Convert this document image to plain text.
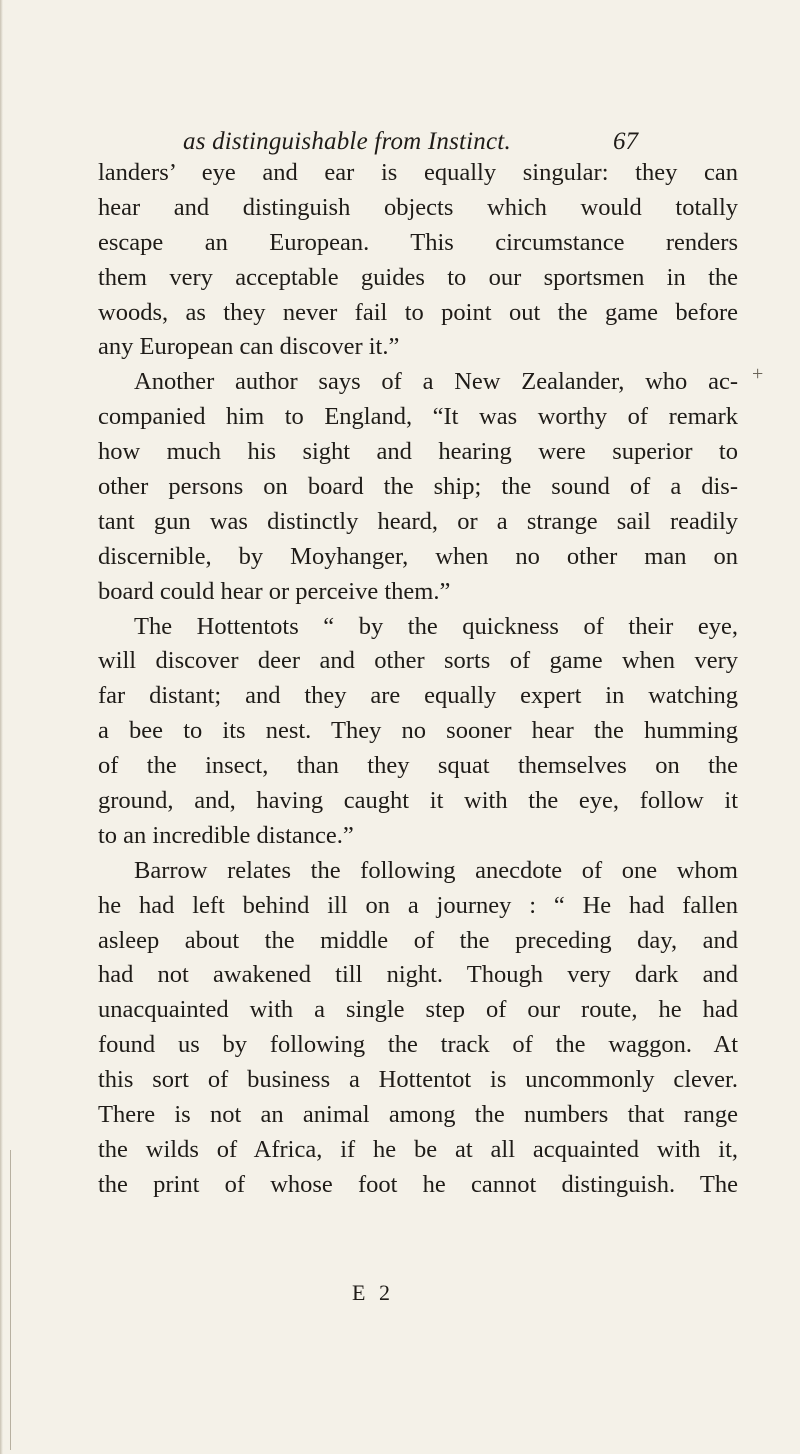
as distinguishable from Instinct.	67
+
landers’ eye and ear is equally singular: they can
hear and distinguish objects which would totally
escape an European. This circumstance renders
them very acceptable guides to our sportsmen in the
woods, as they never fail to point out the game before
any European can discover it.”
Another author says of a New Zealander, who ac-
companied him to England, “It was worthy of remark
how much his sight and hearing were superior to
other persons on board the ship; the sound of a dis-
tant gun was distinctly heard, or a strange sail readily
discernible, by Moyhanger, when no other man on
board could hear or perceive them.”
The Hottentots “ by the quickness of their eye,
will discover deer and other sorts of game when very
far distant; and they are equally expert in watching
a bee to its nest. They no sooner hear the humming
of the insect, than they squat themselves on the
ground, and, having caught it with the eye, follow it
to an incredible distance.”
Barrow relates the following anecdote of one whom
he had left behind ill on a journey : “ He had fallen
asleep about the middle of the preceding day, and
had not awakened till night. Though very dark and
unacquainted with a single step of our route, he had
found us by following the track of the waggon. At
this sort of business a Hottentot is uncommonly clever.
There is not an animal among the numbers that range
the wilds of Africa, if he be at all acquainted with it,
the print of whose foot he cannot distinguish. The
E 2
